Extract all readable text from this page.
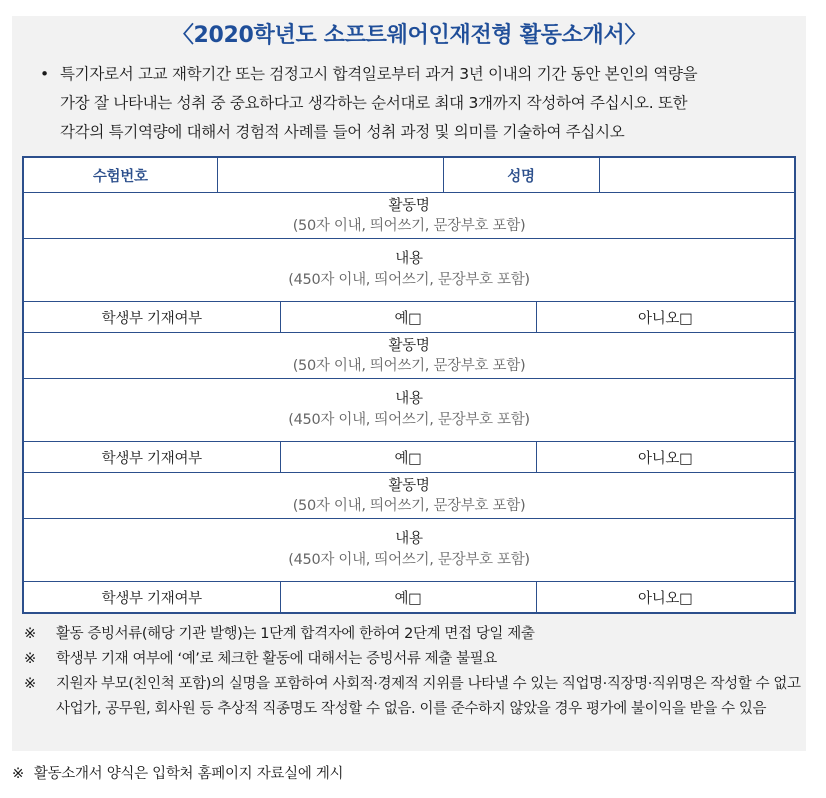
〈2020학년도 소프트웨어인재전형 활동소개서〉
• 특기자로서 고교 재학기간 또는 검정고시 합격일로부터 과거 3년 이내의 기간 동안 본인의 역량을

가장 잘 나타내는 성취 중 중요하다고 생각하는 순서대로 최대 3개까지 작성하여 주십시오. 또한

각각의 특기역량에 대해서 경험적 사례를 들어 성취 과정 및 의미를 기술하여 주십시오

수험번호			성명		

활동명
(50자 이내, 띄어쓰기, 문장부호 포함)					

내용
(450자 이내, 띄어쓰기, 문장부호 포함)					

학생부 기재여부		예□		아니오□	

활동명
(50자 이내, 띄어쓰기, 문장부호 포함)					

내용
(450자 이내, 띄어쓰기, 문장부호 포함)					

학생부 기재여부		예□		아니오□	

활동명
(50자 이내, 띄어쓰기, 문장부호 포함)					

내용
(450자 이내, 띄어쓰기, 문장부호 포함)					

학생부 기재여부		예□		아니오□	
※ 활동 증빙서류(해당 기관 발행)는 1단계 합격자에 한하여 2단계 면접 당일 제출
※ 학생부 기재 여부에 ‘예’로 체크한 활동에 대해서는 증빙서류 제출 불필요
※ 지원자 부모(친인척 포함)의 실명을 포함하여 사회적·경제적 지위를 나타낼 수 있는 직업명·직장명·직위명은 작성할 수 없고 사업가, 공무원, 회사원 등 추상적 직종명도 작성할 수 없음. 이를 준수하지 않았을 경우 평가에 불이익을 받을 수 있음
※ 활동소개서 양식은 입학처 홈페이지 자료실에 게시
